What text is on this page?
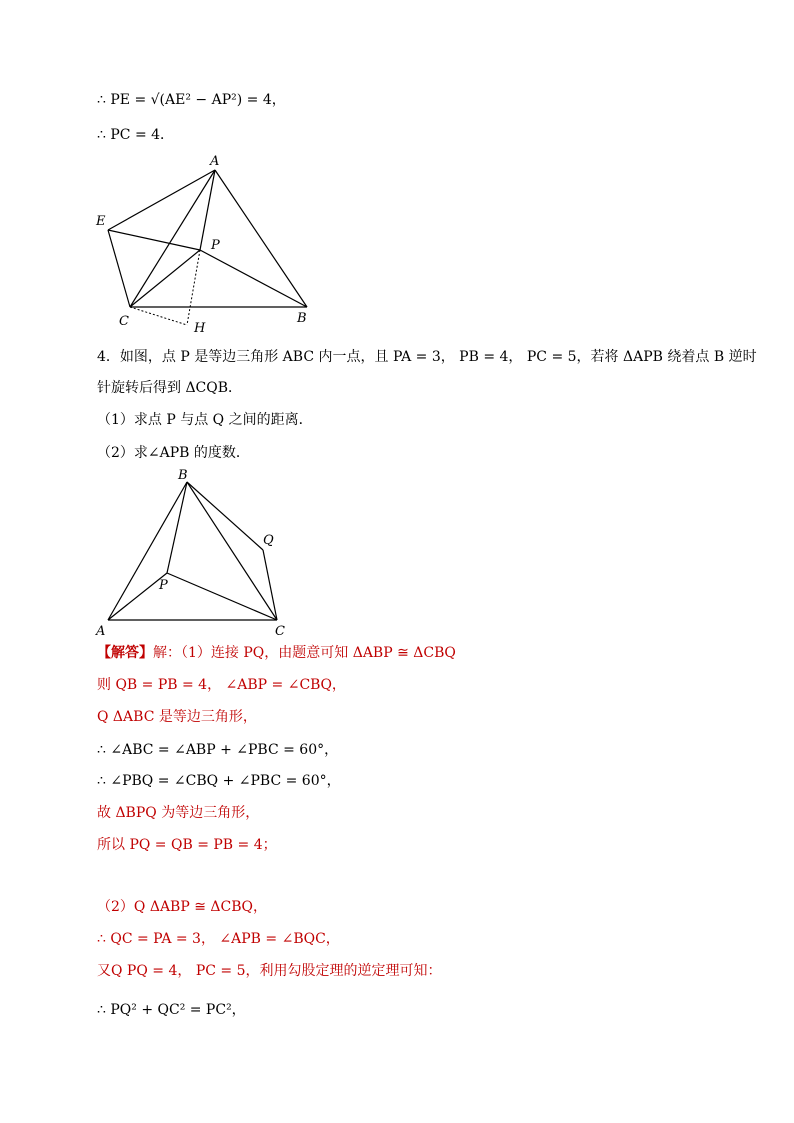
∴ PE = √(AE² − AP²) = 4，
∴ PC = 4．
A
E
P
C	H
B
4．如图，点 P 是等边三角形 ABC 内一点，且 PA = 3， PB = 4， PC = 5，若将 ΔAPB 绕着点 B 逆时
针旋转后得到 ΔCQB．
（1）求点 P 与点 Q 之间的距离．
（2）求∠APB 的度数．
B
Q
P
A	C
【解答】解：（1）连接 PQ，由题意可知 ΔABP ≅ ΔCBQ
则 QB = PB = 4， ∠ABP = ∠CBQ，
Q ΔABC 是等边三角形，
∴ ∠ABC = ∠ABP + ∠PBC = 60°，
∴ ∠PBQ = ∠CBQ + ∠PBC = 60°，
故 ΔBPQ 为等边三角形，
所以 PQ = QB = PB = 4；
（2）Q ΔABP ≅ ΔCBQ，
∴ QC = PA = 3， ∠APB = ∠BQC，
又Q PQ = 4， PC = 5，利用勾股定理的逆定理可知：
∴ PQ² + QC² = PC²，
